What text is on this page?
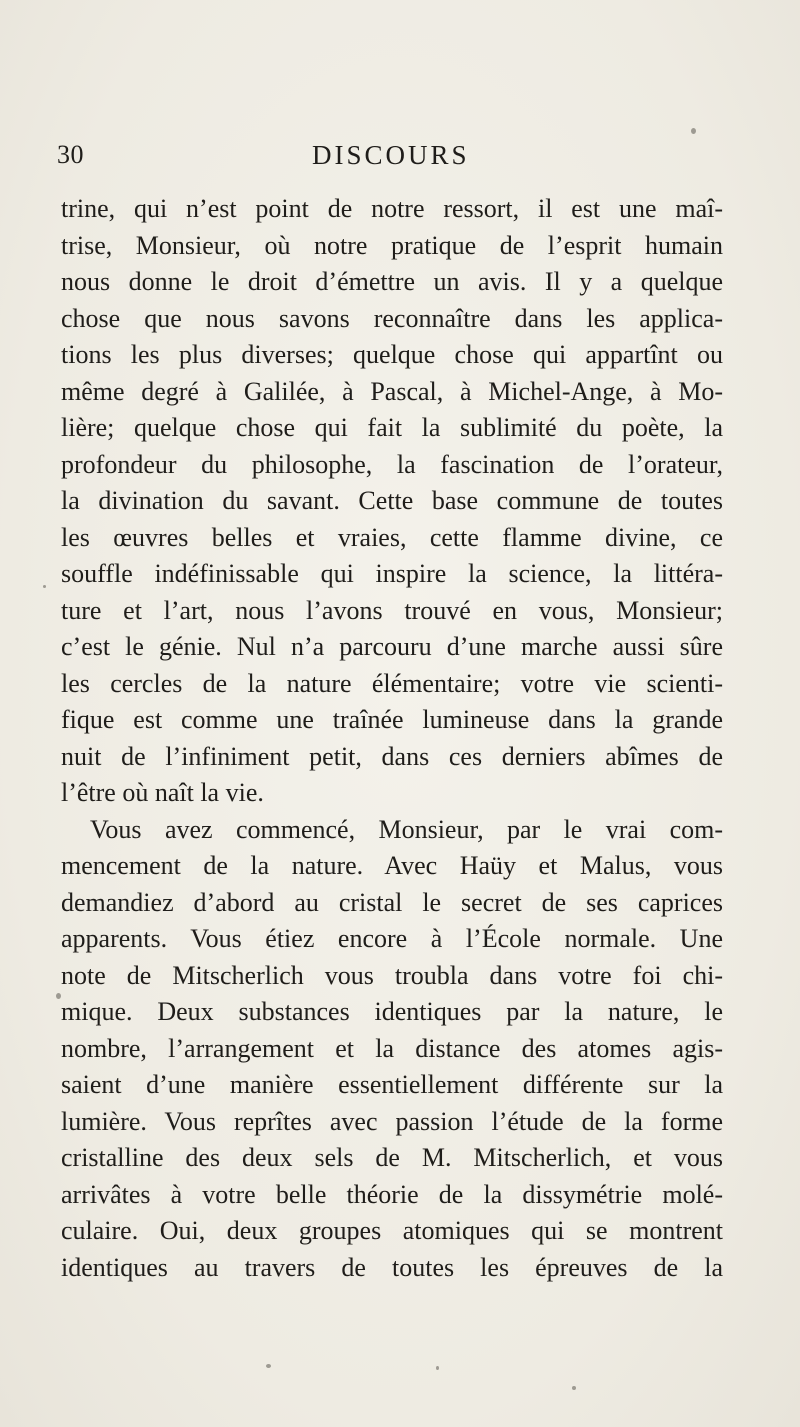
30	DISCOURS
trine, qui n’est point de notre ressort, il est une maî-
trise, Monsieur, où notre pratique de l’esprit humain
nous donne le droit d’émettre un avis. Il y a quelque
chose que nous savons reconnaître dans les applica-
tions les plus diverses; quelque chose qui appartînt ou
même degré à Galilée, à Pascal, à Michel-Ange, à Mo-
lière; quelque chose qui fait la sublimité du poète, la
profondeur du philosophe, la fascination de l’orateur,
la divination du savant. Cette base commune de toutes
les œuvres belles et vraies, cette flamme divine, ce
souffle indéfinissable qui inspire la science, la littéra-
ture et l’art, nous l’avons trouvé en vous, Monsieur;
c’est le génie. Nul n’a parcouru d’une marche aussi sûre
les cercles de la nature élémentaire; votre vie scienti-
fique est comme une traînée lumineuse dans la grande
nuit de l’infiniment petit, dans ces derniers abîmes de
l’être où naît la vie.
Vous avez commencé, Monsieur, par le vrai com-
mencement de la nature. Avec Haüy et Malus, vous
demandiez d’abord au cristal le secret de ses caprices
apparents. Vous étiez encore à l’École normale. Une
note de Mitscherlich vous troubla dans votre foi chi-
mique. Deux substances identiques par la nature, le
nombre, l’arrangement et la distance des atomes agis-
saient d’une manière essentiellement différente sur la
lumière. Vous reprîtes avec passion l’étude de la forme
cristalline des deux sels de M. Mitscherlich, et vous
arrivâtes à votre belle théorie de la dissymétrie molé-
culaire. Oui, deux groupes atomiques qui se montrent
identiques au travers de toutes les épreuves de la
